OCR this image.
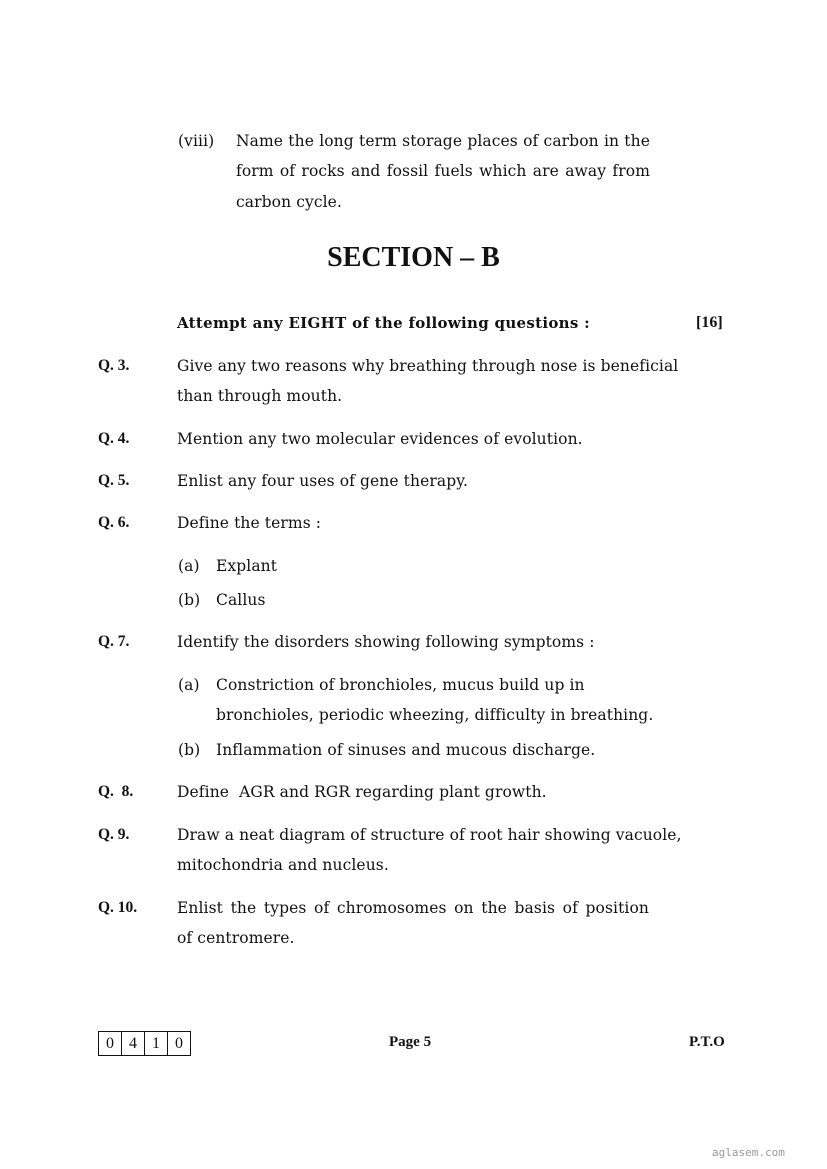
(viii) Name the long term storage places of carbon in the
form of rocks and fossil fuels which are away from
carbon cycle.
SECTION – B
Attempt any EIGHT of the following questions :	[16]
Q. 3.	Give any two reasons why breathing through nose is beneficial
than through mouth.
Q. 4.	Mention any two molecular evidences of evolution.
Q. 5.	Enlist any four uses of gene therapy.
Q. 6.	Define the terms :
(a) Explant
(b) Callus
Q. 7.	Identify the disorders showing following symptoms :
(a) Constriction of bronchioles, mucus build up in
bronchioles, periodic wheezing, difficulty in breathing.
(b) Inflammation of sinuses and mucous discharge.
Q.  8.	Define  AGR and RGR regarding plant growth.
Q. 9.	Draw a neat diagram of structure of root hair showing vacuole,
mitochondria and nucleus.
Q. 10.	Enlist the types of chromosomes on the basis of position
of centromere.
0 4 1 0	Page 5	P.T.O
aglasem.com
